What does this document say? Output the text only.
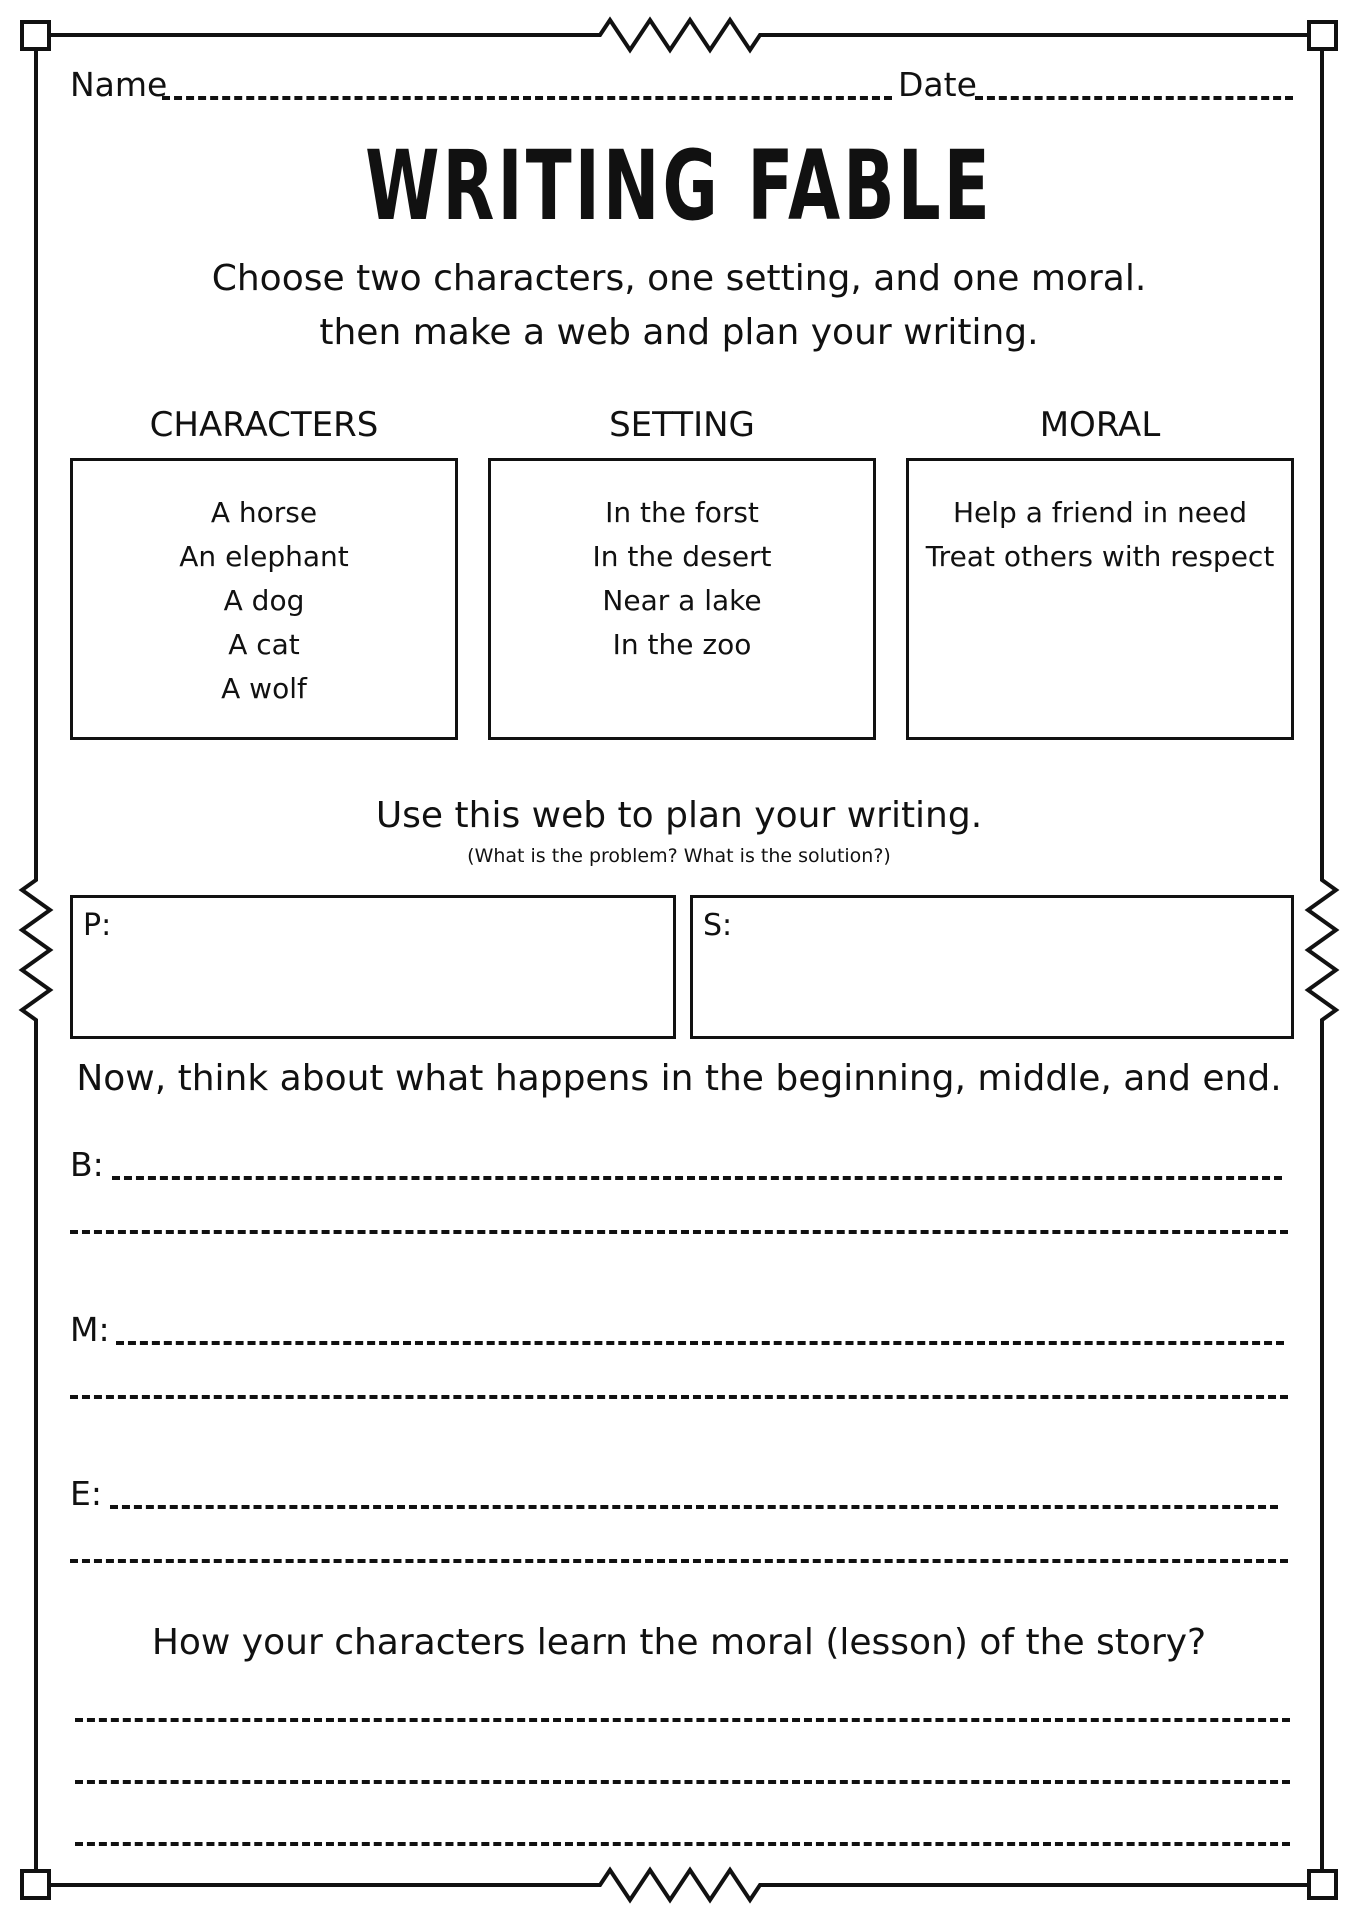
Name	Date
WRITING FABLE
Choose two characters, one setting, and one moral.
then make a web and plan your writing.
CHARACTERS	SETTING	MORAL
A horse
An elephant
A dog
A cat
A wolf
In the forst
In the desert
Near a lake
In the zoo
Help a friend in need
Treat others with respect
Use this web to plan your writing.
(What is the problem? What is the solution?)
P:	S:
Now, think about what happens in the beginning, middle, and end.
B:
M:
E:
How your characters learn the moral (lesson) of the story?
